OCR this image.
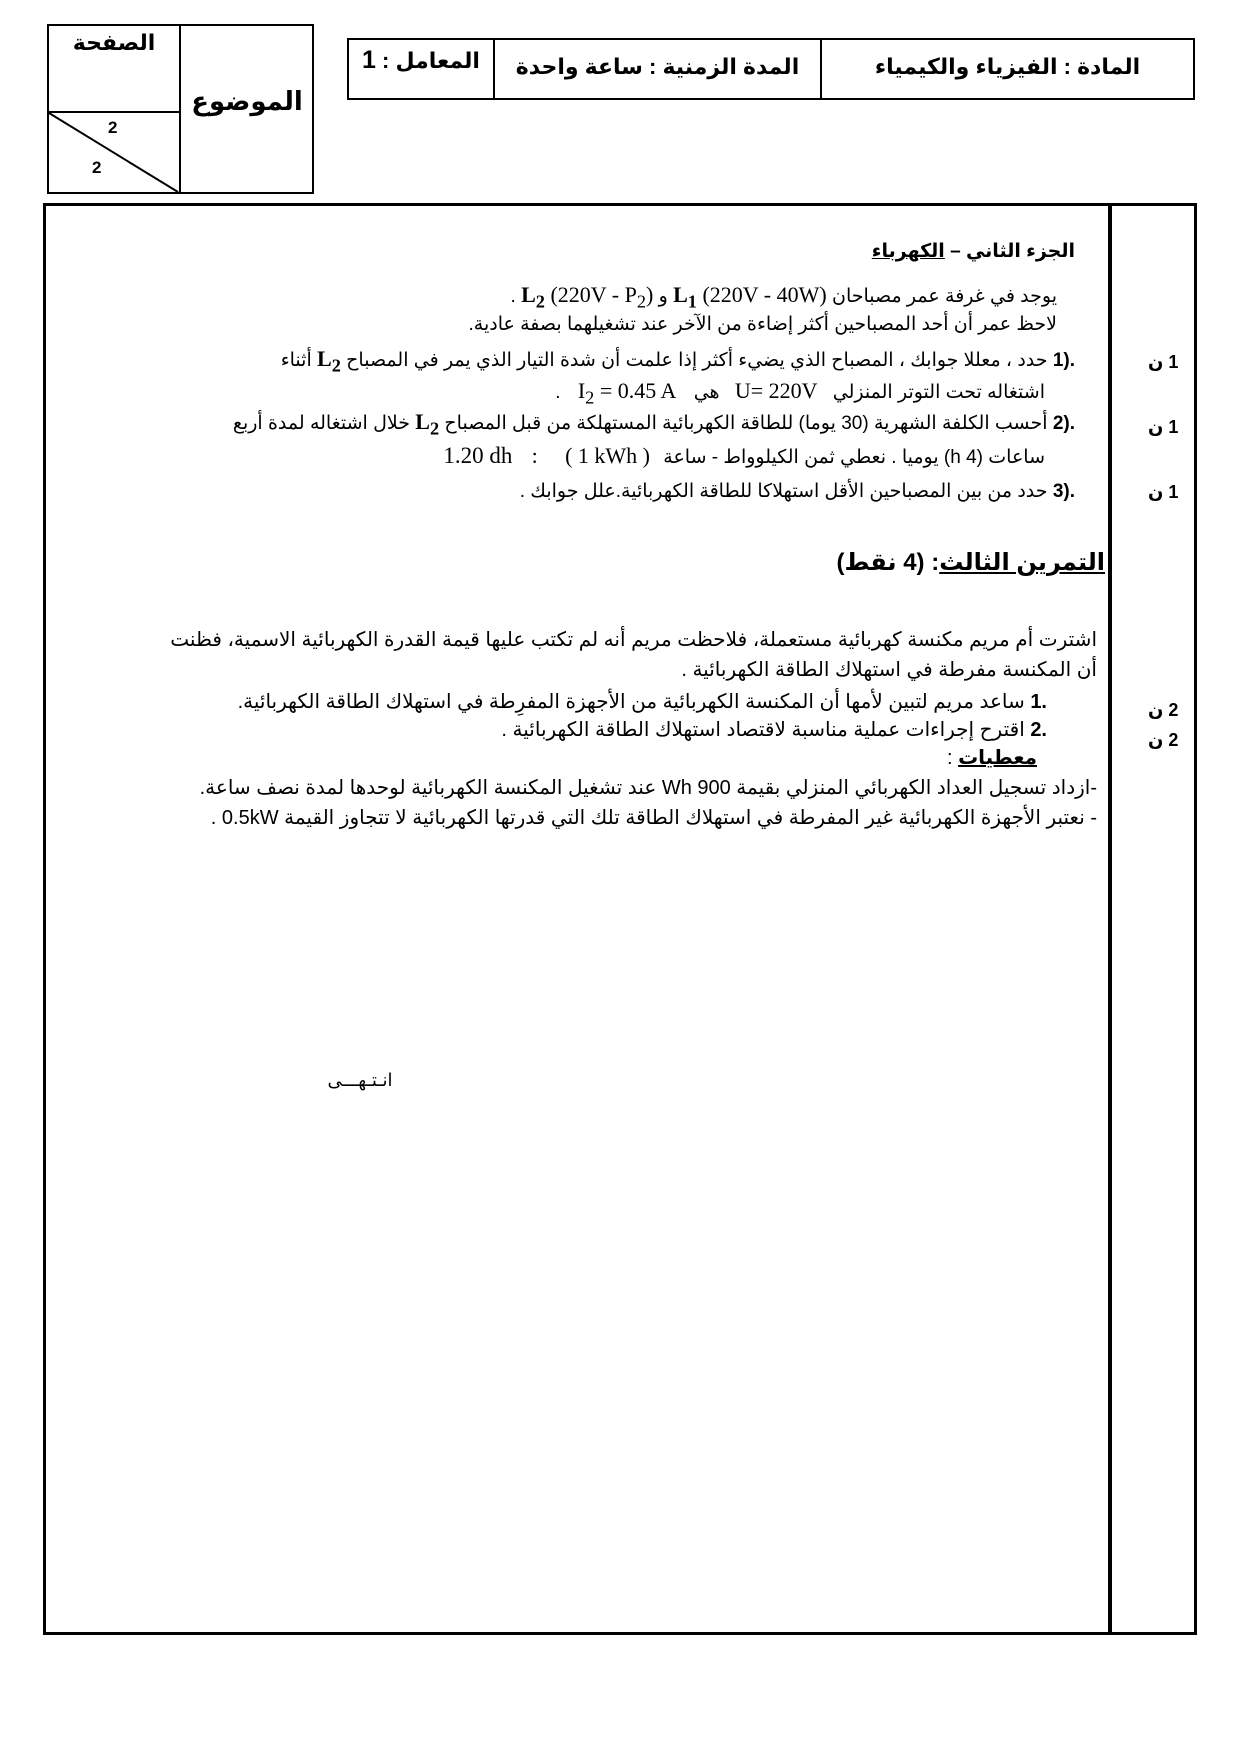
الصفحة
الموضوع
2
2
المادة : الفيزياء والكيمياء
المدة الزمنية : ساعة واحدة
المعامل : 1
الجزء الثاني – الكهرباء
يوجد في غرفة عمر مصباحان $L_1$ (220V - 40W) و $L_2$ $(220V - P_2)$ .
لاحظ عمر أن أحد المصباحين أكثر إضاءة من الآخر عند تشغيلهما بصفة عادية.
1). حدد ، معللا جوابك ، المصباح الذي يضيء أكثر إذا علمت أن شدة التيار الذي يمر في المصباح $L_2$ أثناء
اشتغاله تحت التوتر المنزلي U= 220V هي $I_2 = 0.45$ A .
2). أحسب الكلفة الشهرية (30 يوما) للطاقة الكهربائية المستهلكة من قبل المصباح $L_2$ خلال اشتغاله لمدة أربع
ساعات (4 h) يوميا . نعطي ثمن الكيلوواط - ساعة ( 1 kWh ) : 1.20 dh
3). حدد من بين المصباحين الأقل استهلاكا للطاقة الكهربائية.علل جوابك .
1 ن
1 ن
1 ن
التمرين الثالث: (4 نقط)
اشترت أم مريم مكنسة كهربائية مستعملة، فلاحظت مريم أنه لم تكتب عليها قيمة القدرة الكهربائية الاسمية، فظنت
أن المكنسة مفرطة في استهلاك الطاقة الكهربائية .
1. ساعد مريم لتبين لأمها أن المكنسة الكهربائية من الأجهزة المفرِطة في استهلاك الطاقة الكهربائية.
2. اقترح إجراءات عملية مناسبة لاقتصاد استهلاك الطاقة الكهربائية .
معطيات :
-ازداد تسجيل العداد الكهربائي المنزلي بقيمة 900 Wh عند تشغيل المكنسة الكهربائية لوحدها لمدة نصف ساعة.
- نعتبر الأجهزة الكهربائية غير المفرطة في استهلاك الطاقة تلك التي قدرتها الكهربائية لا تتجاوز القيمة 0.5kW .
2 ن
2 ن
انـتـهـــى
